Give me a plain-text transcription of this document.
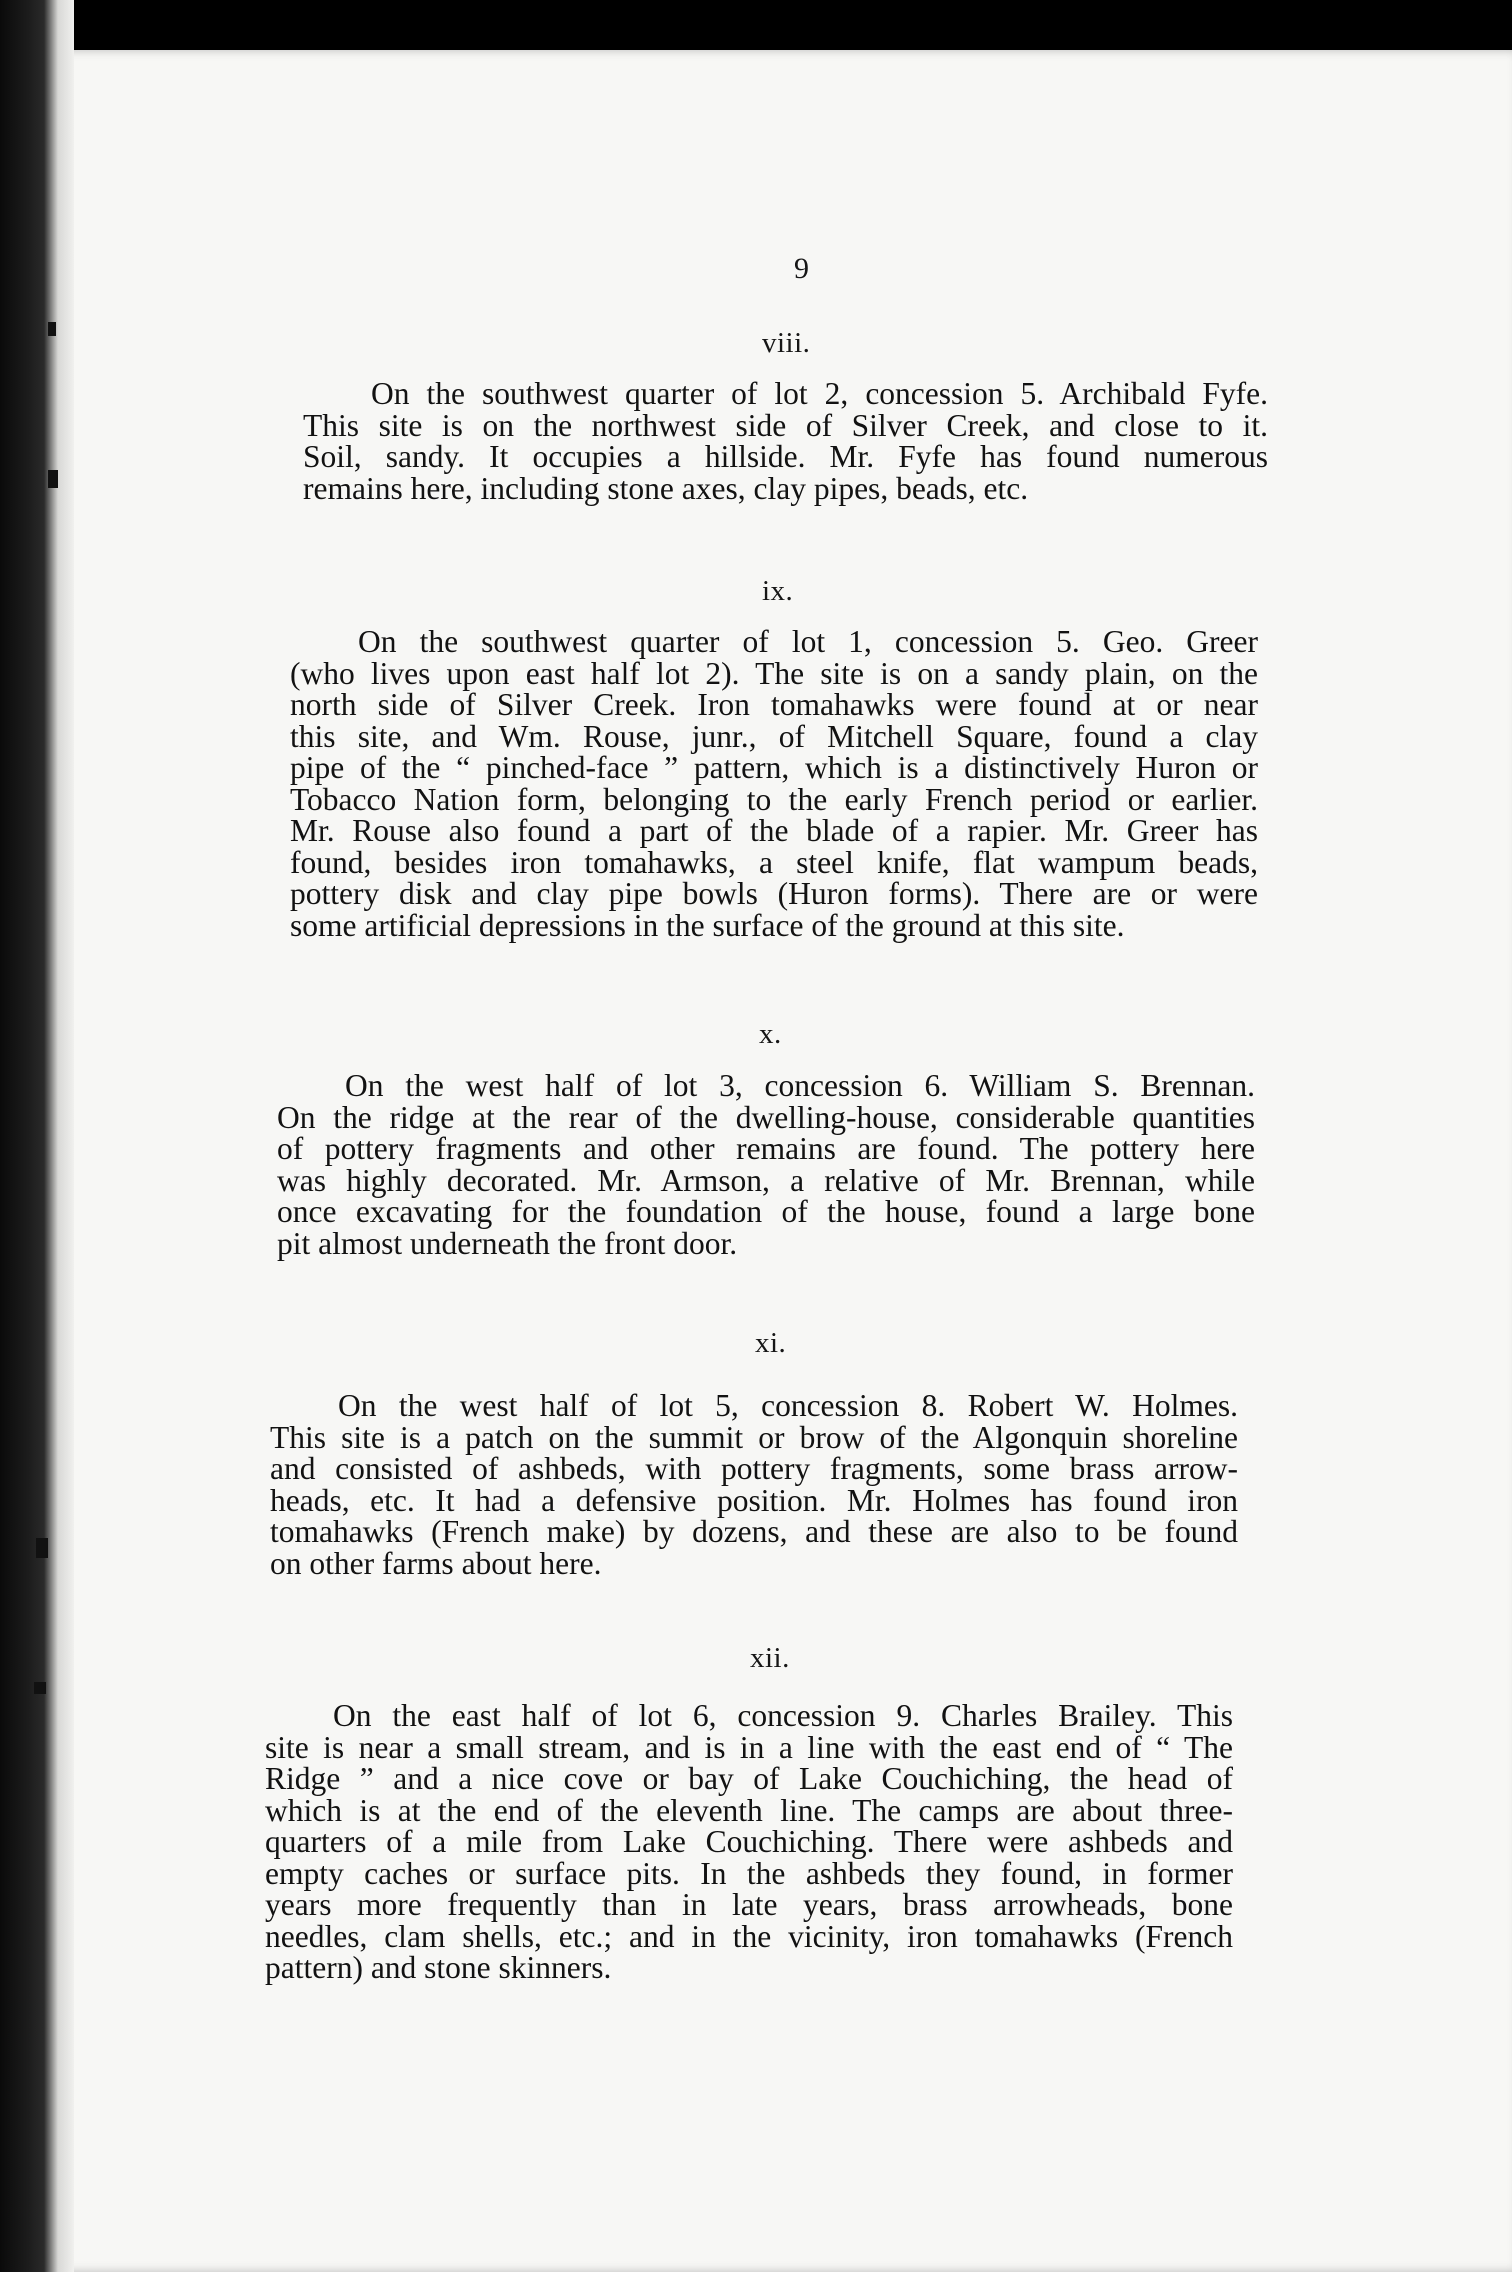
9
viii.
On the southwest quarter of lot 2, concession 5. Archibald Fyfe.
This site is on the northwest side of Silver Creek, and close to it.
Soil, sandy. It occupies a hillside. Mr. Fyfe has found numerous
remains here, including stone axes, clay pipes, beads, etc.
ix.
On the southwest quarter of lot 1, concession 5. Geo. Greer
(who lives upon east half lot 2). The site is on a sandy plain, on the
north side of Silver Creek. Iron tomahawks were found at or near
this site, and Wm. Rouse, junr., of Mitchell Square, found a clay
pipe of the “ pinched-face ” pattern, which is a distinctively Huron or
Tobacco Nation form, belonging to the early French period or earlier.
Mr. Rouse also found a part of the blade of a rapier. Mr. Greer has
found, besides iron tomahawks, a steel knife, flat wampum beads,
pottery disk and clay pipe bowls (Huron forms). There are or were
some artificial depressions in the surface of the ground at this site.
x.
On the west half of lot 3, concession 6. William S. Brennan.
On the ridge at the rear of the dwelling-house, considerable quantities
of pottery fragments and other remains are found. The pottery here
was highly decorated. Mr. Armson, a relative of Mr. Brennan, while
once excavating for the foundation of the house, found a large bone
pit almost underneath the front door.
xi.
On the west half of lot 5, concession 8. Robert W. Holmes.
This site is a patch on the summit or brow of the Algonquin shoreline
and consisted of ashbeds, with pottery fragments, some brass arrow-
heads, etc. It had a defensive position. Mr. Holmes has found iron
tomahawks (French make) by dozens, and these are also to be found
on other farms about here.
xii.
On the east half of lot 6, concession 9. Charles Brailey. This
site is near a small stream, and is in a line with the east end of “ The
Ridge ” and a nice cove or bay of Lake Couchiching, the head of
which is at the end of the eleventh line. The camps are about three-
quarters of a mile from Lake Couchiching. There were ashbeds and
empty caches or surface pits. In the ashbeds they found, in former
years more frequently than in late years, brass arrowheads, bone
needles, clam shells, etc.; and in the vicinity, iron tomahawks (French
pattern) and stone skinners.
